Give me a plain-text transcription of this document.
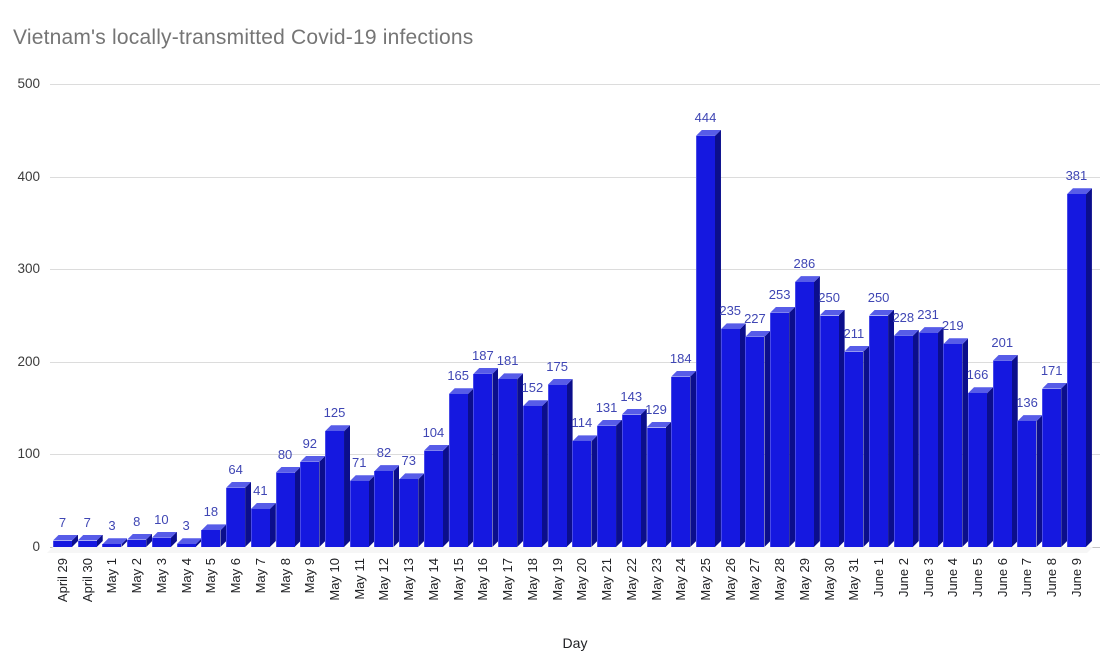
Vietnam's locally-transmitted Covid-19 infections
0
100
200
300
400
500
7
April 29
7
April 30
3
May 1
8
May 2
10
May 3
3
May 4
18
May 5
64
May 6
41
May 7
80
May 8
92
May 9
125
May 10
71
May 11
82
May 12
73
May 13
104
May 14
165
May 15
187
May 16
181
May 17
152
May 18
175
May 19
114
May 20
131
May 21
143
May 22
129
May 23
184
May 24
444
May 25
235
May 26
227
May 27
253
May 28
286
May 29
250
May 30
211
May 31
250
June 1
228
June 2
231
June 3
219
June 4
166
June 5
201
June 6
136
June 7
171
June 8
381
June 9
Day
